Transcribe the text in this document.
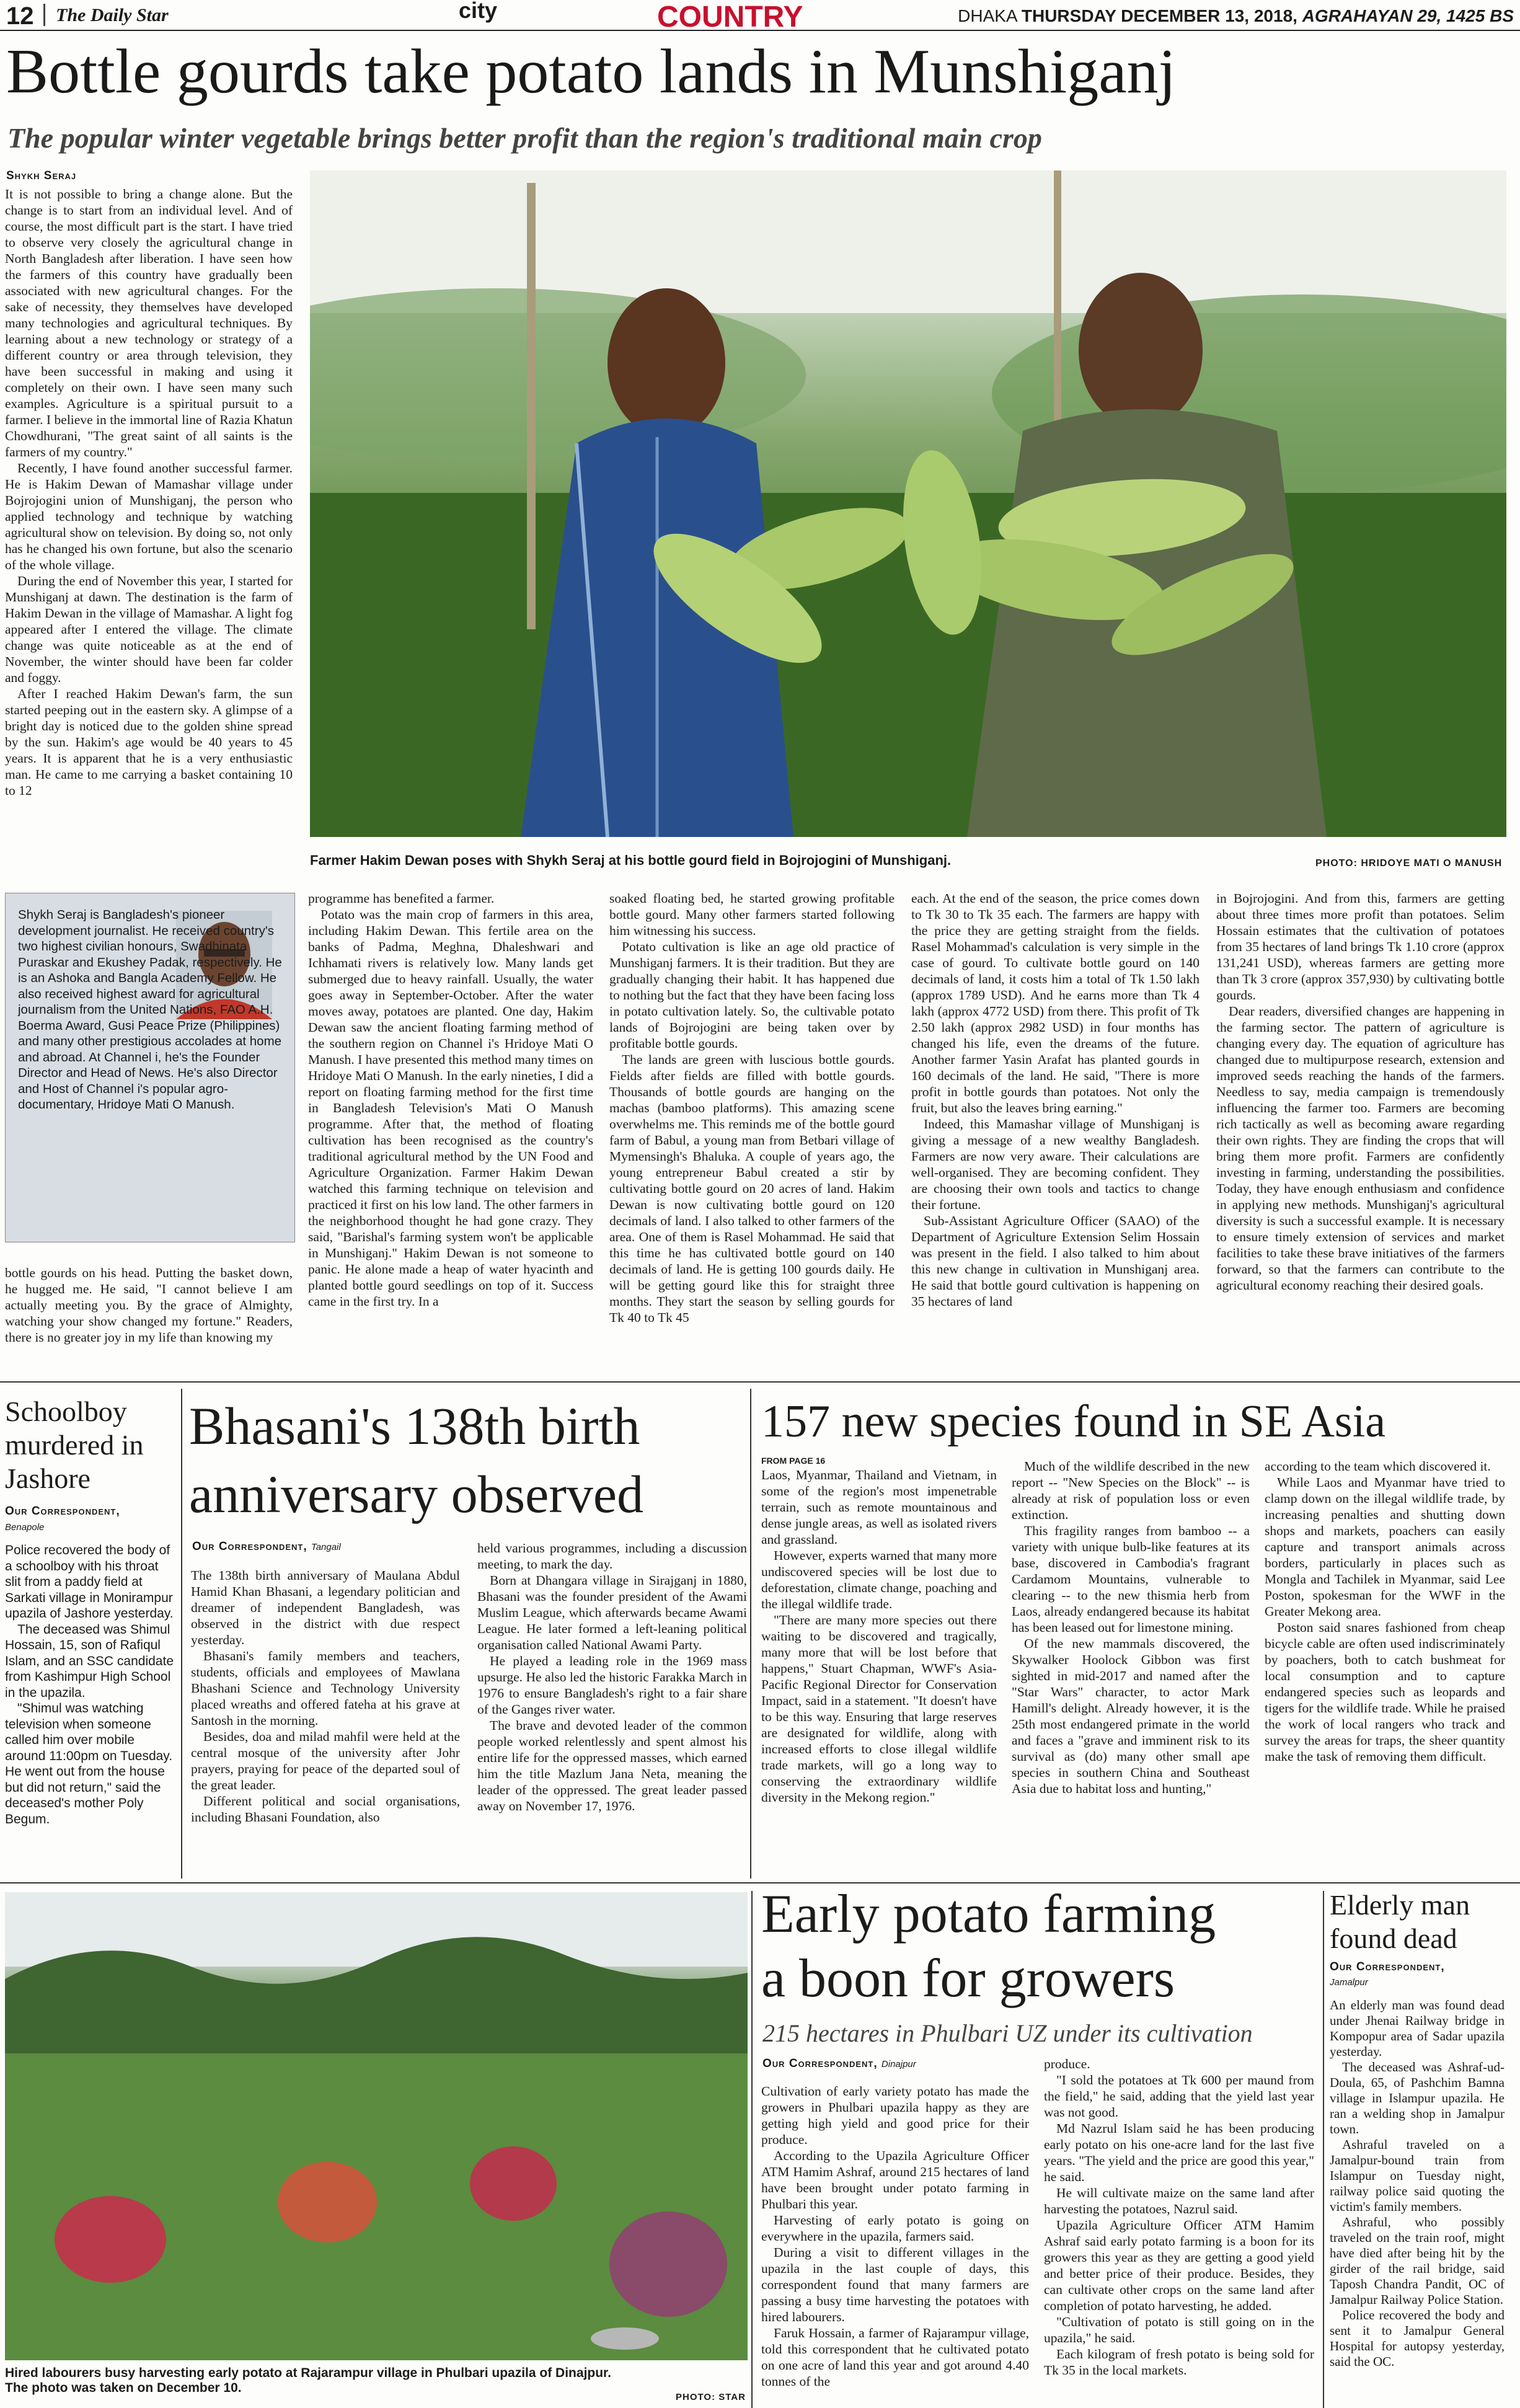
12 The Daily Star	city	COUNTRY	DHAKA THURSDAY DECEMBER 13, 2018, AGRAHAYAN 29, 1425 BS
Bottle gourds take potato lands in Munshiganj
The popular winter vegetable brings better profit than the region's traditional main crop
Shykh Seraj

It is not possible to bring a change alone. But the change is to start from an individual level. And of course, the most difficult part is the start. I have tried to observe very closely the agricultural change in North Bangladesh after liberation. I have seen how the farmers of this country have gradually been associated with new agricultural changes. For the sake of necessity, they themselves have developed many technologies and agricultural techniques. By learning about a new technology or strategy of a different country or area through television, they have been successful in making and using it completely on their own. I have seen many such examples. Agriculture is a spiritual pursuit to a farmer. I believe in the immortal line of Razia Khatun Chowdhurani, "The great saint of all saints is the farmers of my country."

Recently, I have found another successful farmer. He is Hakim Dewan of Mamashar village under Bojrojogini union of Munshiganj, the person who applied technology and technique by watching agricultural show on television. By doing so, not only has he changed his own fortune, but also the scenario of the whole village.

During the end of November this year, I started for Munshiganj at dawn. The destination is the farm of Hakim Dewan in the village of Mamashar. A light fog appeared after I entered the village. The climate change was quite noticeable as at the end of November, the winter should have been far colder and foggy.

After I reached Hakim Dewan's farm, the sun started peeping out in the eastern sky. A glimpse of a bright day is noticed due to the golden shine spread by the sun. Hakim's age would be 40 years to 45 years. It is apparent that he is a very enthusiastic man. He came to me carrying a basket containing 10 to 12

Farmer Hakim Dewan poses with Shykh Seraj at his bottle gourd field in Bojrojogini of Munshiganj.	PHOTO: HRIDOYE MATI O MANUSH

Shykh Seraj is Bangladesh's pioneer development journalist. He received country's two highest civilian honours, Swadhinata Puraskar and Ekushey Padak, respectively. He is an Ashoka and Bangla Academy Fellow. He also received highest award for agricultural journalism from the United Nations, FAO A.H. Boerma Award, Gusi Peace Prize (Philippines) and many other prestigious accolades at home and abroad. At Channel i, he's the Founder Director and Head of News. He's also Director and Host of Channel i's popular agro-documentary, Hridoye Mati O Manush.

bottle gourds on his head. Putting the basket down, he hugged me. He said, "I cannot believe I am actually meeting you. By the grace of Almighty, watching your show changed my fortune." Readers, there is no greater joy in my life than knowing my

programme has benefited a farmer.

Potato was the main crop of farmers in this area, including Hakim Dewan. This fertile area on the banks of Padma, Meghna, Dhaleshwari and Ichhamati rivers is relatively low. Many lands get submerged due to heavy rainfall. Usually, the water goes away in September-October. After the water moves away, potatoes are planted. One day, Hakim Dewan saw the ancient floating farming method of the southern region on Channel i's Hridoye Mati O Manush. I have presented this method many times on Hridoye Mati O Manush. In the early nineties, I did a report on floating farming method for the first time in Bangladesh Television's Mati O Manush programme. After that, the method of floating cultivation has been recognised as the country's traditional agricultural method by the UN Food and Agriculture Organization. Farmer Hakim Dewan watched this farming technique on television and practiced it first on his low land. The other farmers in the neighborhood thought he had gone crazy. They said, "Barishal's farming system won't be applicable in Munshiganj." Hakim Dewan is not someone to panic. He alone made a heap of water hyacinth and planted bottle gourd seedlings on top of it. Success came in the first try. In a

soaked floating bed, he started growing profitable bottle gourd. Many other farmers started following him witnessing his success.

Potato cultivation is like an age old practice of Munshiganj farmers. It is their tradition. But they are gradually changing their habit. It has happened due to nothing but the fact that they have been facing loss in potato cultivation lately. So, the cultivable potato lands of Bojrojogini are being taken over by profitable bottle gourds.

The lands are green with luscious bottle gourds. Fields after fields are filled with bottle gourds. Thousands of bottle gourds are hanging on the machas (bamboo platforms). This amazing scene overwhelms me. This reminds me of the bottle gourd farm of Babul, a young man from Betbari village of Mymensingh's Bhaluka. A couple of years ago, the young entrepreneur Babul created a stir by cultivating bottle gourd on 20 acres of land. Hakim Dewan is now cultivating bottle gourd on 120 decimals of land. I also talked to other farmers of the area. One of them is Rasel Mohammad. He said that this time he has cultivated bottle gourd on 140 decimals of land. He is getting 100 gourds daily. He will be getting gourd like this for straight three months. They start the season by selling gourds for Tk 40 to Tk 45

each. At the end of the season, the price comes down to Tk 30 to Tk 35 each. The farmers are happy with the price they are getting straight from the fields. Rasel Mohammad's calculation is very simple in the case of gourd. To cultivate bottle gourd on 140 decimals of land, it costs him a total of Tk 1.50 lakh (approx 1789 USD). And he earns more than Tk 4 lakh (approx 4772 USD) from there. This profit of Tk 2.50 lakh (approx 2982 USD) in four months has changed his life, even the dreams of the future. Another farmer Yasin Arafat has planted gourds in 160 decimals of the land. He said, "There is more profit in bottle gourds than potatoes. Not only the fruit, but also the leaves bring earning."

Indeed, this Mamashar village of Munshiganj is giving a message of a new wealthy Bangladesh. Farmers are now very aware. Their calculations are well-organised. They are becoming confident. They are choosing their own tools and tactics to change their fortune.

Sub-Assistant Agriculture Officer (SAAO) of the Department of Agriculture Extension Selim Hossain was present in the field. I also talked to him about this new change in cultivation in Munshiganj area. He said that bottle gourd cultivation is happening on 35 hectares of land

in Bojrojogini. And from this, farmers are getting about three times more profit than potatoes. Selim Hossain estimates that the cultivation of potatoes from 35 hectares of land brings Tk 1.10 crore (approx 131,241 USD), whereas farmers are getting more than Tk 3 crore (approx 357,930) by cultivating bottle gourds.

Dear readers, diversified changes are happening in the farming sector. The pattern of agriculture is changing every day. The equation of agriculture has changed due to multipurpose research, extension and improved seeds reaching the hands of the farmers. Needless to say, media campaign is tremendously influencing the farmer too. Farmers are becoming rich tactically as well as becoming aware regarding their own rights. They are finding the crops that will bring them more profit. Farmers are confidently investing in farming, understanding the possibilities. Today, they have enough enthusiasm and confidence in applying new methods. Munshiganj's agricultural diversity is such a successful example. It is necessary to ensure timely extension of services and market facilities to take these brave initiatives of the farmers forward, so that the farmers can contribute to the agricultural economy reaching their desired goals.

Schoolboy murdered in Jashore
Our Correspondent,
Benapole

Police recovered the body of a schoolboy with his throat slit from a paddy field at Sarkati village in Monirampur upazila of Jashore yesterday.

The deceased was Shimul Hossain, 15, son of Rafiqul Islam, and an SSC candidate from Kashimpur High School in the upazila.

"Shimul was watching television when someone called him over mobile around 11:00pm on Tuesday. He went out from the house but did not return," said the deceased's mother Poly Begum.

Bhasani's 138th birth
anniversary observed
Our Correspondent, Tangail

The 138th birth anniversary of Maulana Abdul Hamid Khan Bhasani, a legendary politician and dreamer of independent Bangladesh, was observed in the district with due respect yesterday.

Bhasani's family members and teachers, students, officials and employees of Mawlana Bhashani Science and Technology University placed wreaths and offered fateha at his grave at Santosh in the morning.

Besides, doa and milad mahfil were held at the central mosque of the university after Johr prayers, praying for peace of the departed soul of the great leader.

Different political and social organisations, including Bhasani Foundation, also

held various programmes, including a discussion meeting, to mark the day.

Born at Dhangara village in Sirajganj in 1880, Bhasani was the founder president of the Awami Muslim League, which afterwards became Awami League. He later formed a left-leaning political organisation called National Awami Party.

He played a leading role in the 1969 mass upsurge. He also led the historic Farakka March in 1976 to ensure Bangladesh's right to a fair share of the Ganges river water.

The brave and devoted leader of the common people worked relentlessly and spent almost his entire life for the oppressed masses, which earned him the title Mazlum Jana Neta, meaning the leader of the oppressed. The great leader passed away on November 17, 1976.

157 new species found in SE Asia
FROM PAGE 16

Laos, Myanmar, Thailand and Vietnam, in some of the region's most impenetrable terrain, such as remote mountainous and dense jungle areas, as well as isolated rivers and grassland.

However, experts warned that many more undiscovered species will be lost due to deforestation, climate change, poaching and the illegal wildlife trade.

"There are many more species out there waiting to be discovered and tragically, many more that will be lost before that happens," Stuart Chapman, WWF's Asia-Pacific Regional Director for Conservation Impact, said in a statement. "It doesn't have to be this way. Ensuring that large reserves are designated for wildlife, along with increased efforts to close illegal wildlife trade markets, will go a long way to conserving the extraordinary wildlife diversity in the Mekong region."

Much of the wildlife described in the new report -- "New Species on the Block" -- is already at risk of population loss or even extinction.

This fragility ranges from bamboo -- a variety with unique bulb-like features at its base, discovered in Cambodia's fragrant Cardamom Mountains, vulnerable to clearing -- to the new thismia herb from Laos, already endangered because its habitat has been leased out for limestone mining.

Of the new mammals discovered, the Skywalker Hoolock Gibbon was first sighted in mid-2017 and named after the "Star Wars" character, to actor Mark Hamill's delight. Already however, it is the 25th most endangered primate in the world and faces a "grave and imminent risk to its survival as (do) many other small ape species in southern China and Southeast Asia due to habitat loss and hunting,"

according to the team which discovered it.

While Laos and Myanmar have tried to clamp down on the illegal wildlife trade, by increasing penalties and shutting down shops and markets, poachers can easily capture and transport animals across borders, particularly in places such as Mongla and Tachilek in Myanmar, said Lee Poston, spokesman for the WWF in the Greater Mekong area.

Poston said snares fashioned from cheap bicycle cable are often used indiscriminately by poachers, both to catch bushmeat for local consumption and to capture endangered species such as leopards and tigers for the wildlife trade. While he praised the work of local rangers who track and survey the areas for traps, the sheer quantity make the task of removing them difficult.

Hired labourers busy harvesting early potato at Rajarampur village in Phulbari upazila of Dinajpur. The photo was taken on December 10.
PHOTO: STAR
Early potato farming
a boon for growers
215 hectares in Phulbari UZ under its cultivation
Our Correspondent, Dinajpur

Cultivation of early variety potato has made the growers in Phulbari upazila happy as they are getting high yield and good price for their produce.

According to the Upazila Agriculture Officer ATM Hamim Ashraf, around 215 hectares of land have been brought under potato farming in Phulbari this year.

Harvesting of early potato is going on everywhere in the upazila, farmers said.

During a visit to different villages in the upazila in the last couple of days, this correspondent found that many farmers are passing a busy time harvesting the potatoes with hired labourers.

Faruk Hossain, a farmer of Rajarampur village, told this correspondent that he cultivated potato on one acre of land this year and got around 4.40 tonnes of the

produce.

"I sold the potatoes at Tk 600 per maund from the field," he said, adding that the yield last year was not good.

Md Nazrul Islam said he has been producing early potato on his one-acre land for the last five years. "The yield and the price are good this year," he said.

He will cultivate maize on the same land after harvesting the potatoes, Nazrul said.

Upazila Agriculture Officer ATM Hamim Ashraf said early potato farming is a boon for its growers this year as they are getting a good yield and better price of their produce. Besides, they can cultivate other crops on the same land after completion of potato harvesting, he added.

"Cultivation of potato is still going on in the upazila," he said.

Each kilogram of fresh potato is being sold for Tk 35 in the local markets.

Elderly man found dead
Our Correspondent,
Jamalpur

An elderly man was found dead under Jhenai Railway bridge in Kompopur area of Sadar upazila yesterday.

The deceased was Ashraf-ud-Doula, 65, of Pashchim Bamna village in Islampur upazila. He ran a welding shop in Jamalpur town.

Ashraful traveled on a Jamalpur-bound train from Islampur on Tuesday night, railway police said quoting the victim's family members.

Ashraful, who possibly traveled on the train roof, might have died after being hit by the girder of the rail bridge, said Taposh Chandra Pandit, OC of Jamalpur Railway Police Station.

Police recovered the body and sent it to Jamalpur General Hospital for autopsy yesterday, said the OC.
